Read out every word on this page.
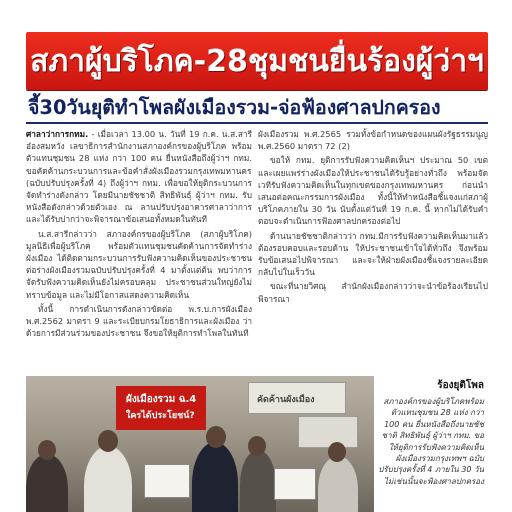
สภาผู้บริโภค-28ชุมชนยื่นร้องผู้ว่าฯ
จี้30วันยุติทำโพลผังเมืองรวม-จ่อฟ้องศาลปกครอง

ศาลาว่าการกทม. - เมื่อเวลา 13.00 น. วันที่ 19 ก.ค. น.ส.สารี อ๋องสมหวัง เลขาธิการสำนักงานสภาองค์กรของผู้บริโภค พร้อมตัวแทนชุมชน 28 แห่ง กว่า 100 คน ยื่นหนังสือถึงผู้ว่าฯ กทม. ขอคัดค้านกระบวนการและข้อคำสั่งผังเมืองรวมกรุงเทพมหานคร (ฉบับปรับปรุงครั้งที่ 4) ถึงผู้ว่าฯ กทม. เพื่อขอให้ยุติกระบวนการจัดทำร่างดังกล่าว โดยมีนายชัชชาติ สิทธิพันธุ์ ผู้ว่าฯ กทม. รับหนังสือดังกล่าวด้วยตัวเอง ณ ลานปรับปรุงอาคารศาลาว่าการ และได้รับปากว่าจะพิจารณาข้อเสนอทั้งหมดในทันที

น.ส.สารีกล่าวว่า สภาองค์กรของผู้บริโภค (สภาผู้บริโภค) มูลนิธิเพื่อผู้บริโภค พร้อมตัวแทนชุมชนคัดค้านการจัดทำร่างผังเมือง ได้ติดตามกระบวนการรับฟังความคิดเห็นของประชาชนต่อร่างผังเมืองรวมฉบับปรับปรุงครั้งที่ 4 มาตั้งแต่ต้น พบว่าการจัดรับฟังความคิดเห็นยังไม่ครอบคลุม ประชาชนส่วนใหญ่ยังไม่ทราบข้อมูล และไม่มีโอกาสแสดงความคิดเห็น

ทั้งนี้ การดำเนินการดังกล่าวขัดต่อ พ.ร.บ.การผังเมือง พ.ศ.2562 มาตรา 9 และระเบียบกรมโยธาธิการและผังเมือง ว่าด้วยการมีส่วนร่วมของประชาชน จึงขอให้ยุติการทำโพลในทันที

ผังเมืองรวม พ.ศ.2565 รวมทั้งข้อกำหนดของแผนผังรัฐธรรมนูญ พ.ศ.2560 มาตรา 72 (2)

ขอให้ กทม. ยุติการรับฟังความคิดเห็นฯ ประมาณ 50 เขต และเผยแพร่ร่างผังเมืองให้ประชาชนได้รับรู้อย่างทั่วถึง พร้อมจัดเวทีรับฟังความคิดเห็นในทุกเขตของกรุงเทพมหานคร ก่อนนำเสนอต่อคณะกรรมการผังเมือง ทั้งนี้ให้ทำหนังสือชี้แจงแก่สภาผู้บริโภคภายใน 30 วัน นับตั้งแต่วันที่ 19 ก.ค. นี้ หากไม่ได้รับคำตอบจะดำเนินการฟ้องศาลปกครองต่อไป

ด้านนายชัชชาติกล่าวว่า กทม.มีการรับฟังความคิดเห็นมาแล้ว ต้องรอบคอบและรอบด้าน ให้ประชาชนเข้าใจได้ทั่วถึง จึงพร้อมรับข้อเสนอไปพิจารณา และจะให้ฝ่ายผังเมืองชี้แจงรายละเอียดกลับไปในเร็ววัน

ขณะที่นายวิศณุ สำนักผังเมืองกล่าวว่าจะนำข้อร้องเรียนไปพิจารณา

ผังเมืองรวม ฉ.4
ใครได้ประโยชน์?
คัดค้านผังเมือง
ร้องยุติโพล
สภาองค์กรของผู้บริโภคพร้อมตัวแทนชุมชน 28 แห่ง กว่า 100 คน ยื่นหนังสือถึงนายชัชชาติ สิทธิพันธุ์ ผู้ว่าฯ กทม. ขอให้ยุติการรับฟังความคิดเห็นผังเมืองรวมกรุงเทพฯ ฉบับปรับปรุงครั้งที่ 4 ภายใน 30 วัน ไม่เช่นนั้นจะฟ้องศาลปกครอง
